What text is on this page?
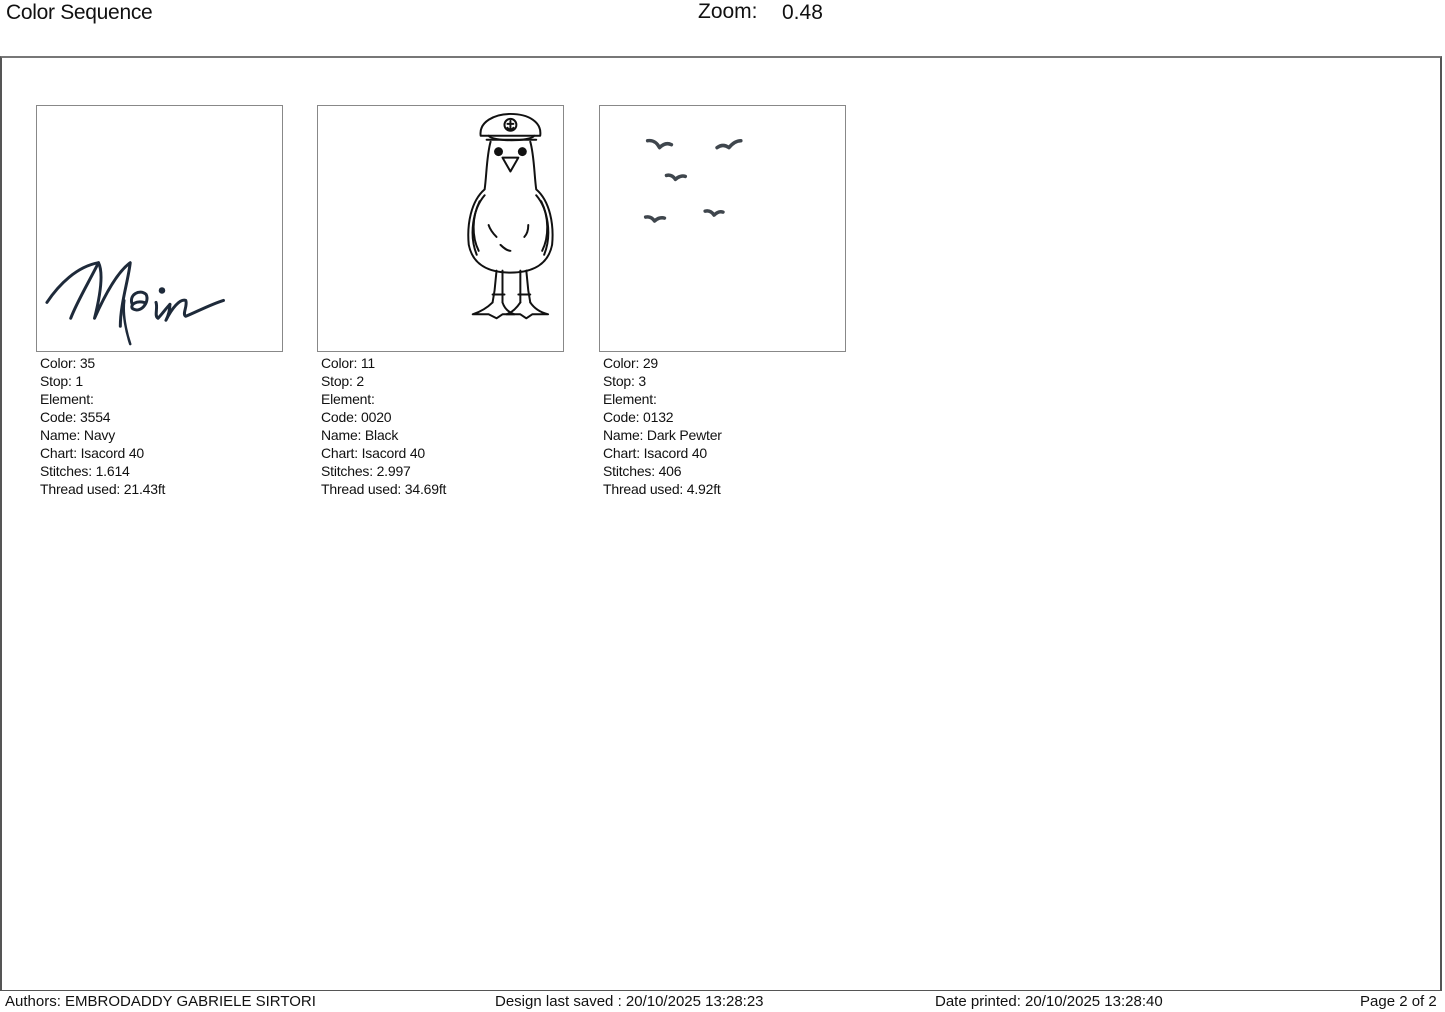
Color Sequence	Zoom: 0.48
Color: 35
Stop: 1
Element:
Code: 3554
Name: Navy
Chart: Isacord 40
Stitches: 1.614
Thread used: 21.43ft
Color: 11
Stop: 2
Element:
Code: 0020
Name: Black
Chart: Isacord 40
Stitches: 2.997
Thread used: 34.69ft
Color: 29
Stop: 3
Element:
Code: 0132
Name: Dark Pewter
Chart: Isacord 40
Stitches: 406
Thread used: 4.92ft
Authors: EMBRODADDY GABRIELE SIRTORI	Design last saved : 20/10/2025 13:28:23	Date printed: 20/10/2025 13:28:40	Page 2 of 2
